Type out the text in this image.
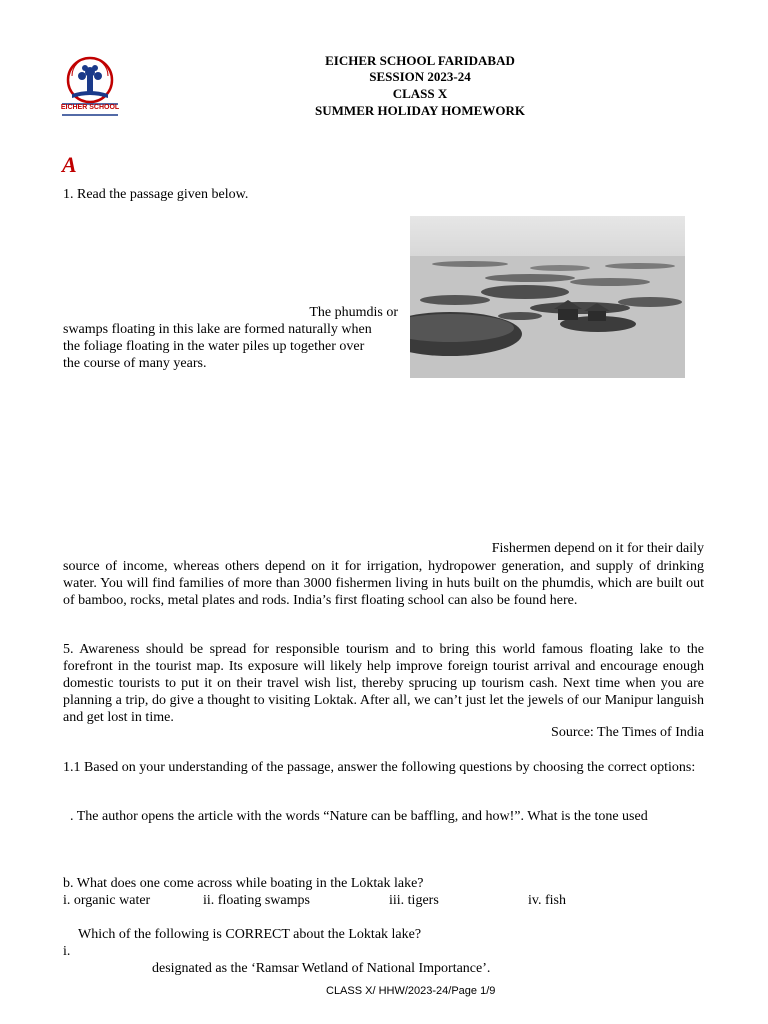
EICHER SCHOOL
EICHER SCHOOL FARIDABAD
SESSION 2023-24
CLASS X
SUMMER HOLIDAY HOMEWORK
A
1. Read the passage given below.
The phumdis or
swamps floating in this lake are formed naturally when
the foliage floating in the water piles up together over
the course of many years.
Fishermen depend on it for their daily
source of income, whereas others depend on it for irrigation, hydropower generation, and supply of drinking water. You will find families of more than 3000 fishermen living in huts built on the phumdis, which are built out of bamboo, rocks, metal plates and rods. India’s first floating school can also be found here.
5. Awareness should be spread for responsible tourism and to bring this world famous floating lake to the forefront in the tourist map. Its exposure will likely help improve foreign tourist arrival and encourage enough domestic tourists to put it on their travel wish list, thereby sprucing up tourism cash. Next time when you are planning a trip, do give a thought to visiting Loktak. After all, we can’t just let the jewels of our Manipur languish and get lost in time.
Source: The Times of India
1.1 Based on your understanding of the passage, answer the following questions by choosing the correct options:
. The author opens the article with the words “Nature can be baffling, and how!”. What is the tone used
b. What does one come across while boating in the Loktak lake?
i. organic water	ii. floating swamps	iii. tigers	iv. fish
Which of the following is CORRECT about the Loktak lake?
i.
designated as the ‘Ramsar Wetland of National Importance’.
CLASS X/ HHW/2023-24/Page 1/9
